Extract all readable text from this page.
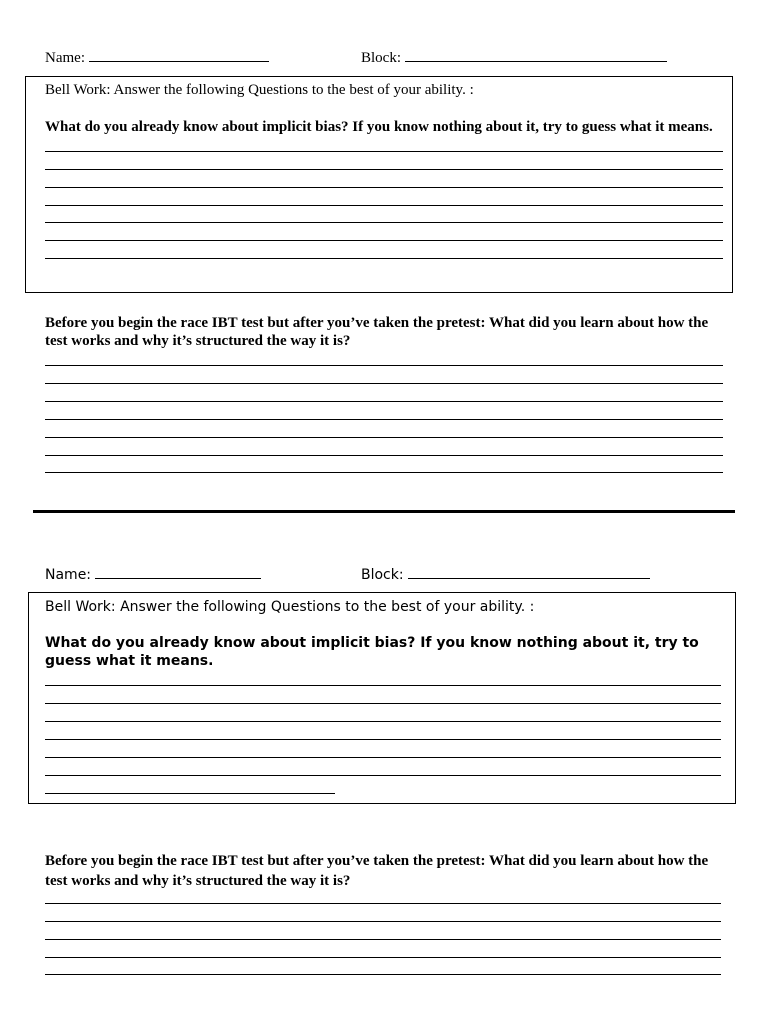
Name:	Block:
Bell Work: Answer the following Questions to the best of your ability. :
What do you already know about implicit bias? If you know nothing about it, try to guess what it means.
Before you begin the race IBT test but after you’ve taken the pretest: What did you learn about how the test works and why it’s structured the way it is?
Name:	Block:
Bell Work: Answer the following Questions to the best of your ability. :
What do you already know about implicit bias? If you know nothing about it, try to guess what it means.
Before you begin the race IBT test but after you’ve taken the pretest: What did you learn about how the test works and why it’s structured the way it is?
